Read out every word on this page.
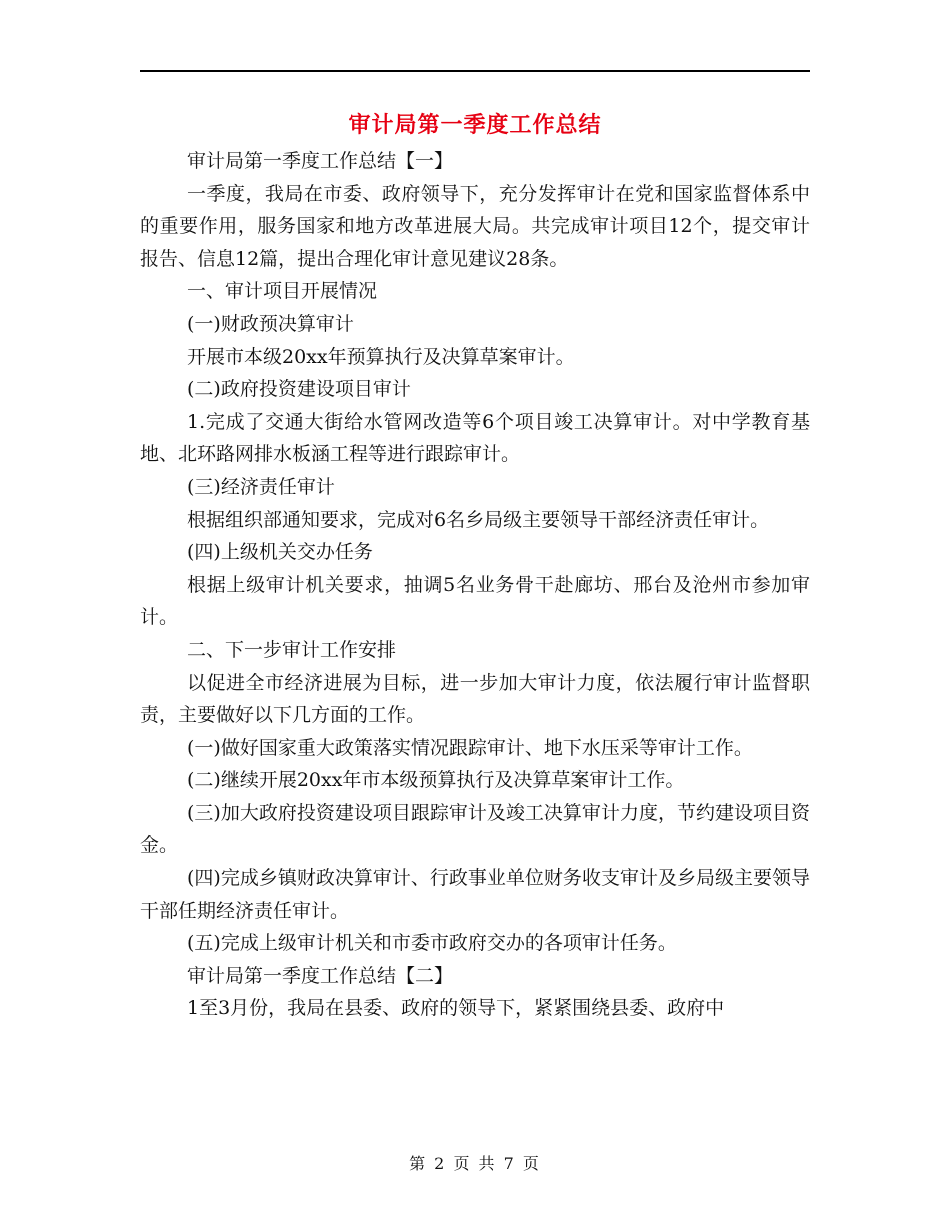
审计局第一季度工作总结

审计局第一季度工作总结【一】

一季度，我局在市委、政府领导下，充分发挥审计在党和国家监督体系中的重要作用，服务国家和地方改革进展大局。共完成审计项目12个，提交审计报告、信息12篇，提出合理化审计意见建议28条。

一、审计项目开展情况

(一)财政预决算审计

开展市本级20xx年预算执行及决算草案审计。

(二)政府投资建设项目审计

1.完成了交通大街给水管网改造等6个项目竣工决算审计。对中学教育基地、北环路网排水板涵工程等进行跟踪审计。

(三)经济责任审计

根据组织部通知要求，完成对6名乡局级主要领导干部经济责任审计。

(四)上级机关交办任务

根据上级审计机关要求，抽调5名业务骨干赴廊坊、邢台及沧州市参加审计。

二、下一步审计工作安排

以促进全市经济进展为目标，进一步加大审计力度，依法履行审计监督职责，主要做好以下几方面的工作。

(一)做好国家重大政策落实情况跟踪审计、地下水压采等审计工作。

(二)继续开展20xx年市本级预算执行及决算草案审计工作。

(三)加大政府投资建设项目跟踪审计及竣工决算审计力度，节约建设项目资金。

(四)完成乡镇财政决算审计、行政事业单位财务收支审计及乡局级主要领导干部任期经济责任审计。

(五)完成上级审计机关和市委市政府交办的各项审计任务。

审计局第一季度工作总结【二】

1至3月份，我局在县委、政府的领导下，紧紧围绕县委、政府中

第 2 页 共 7 页
